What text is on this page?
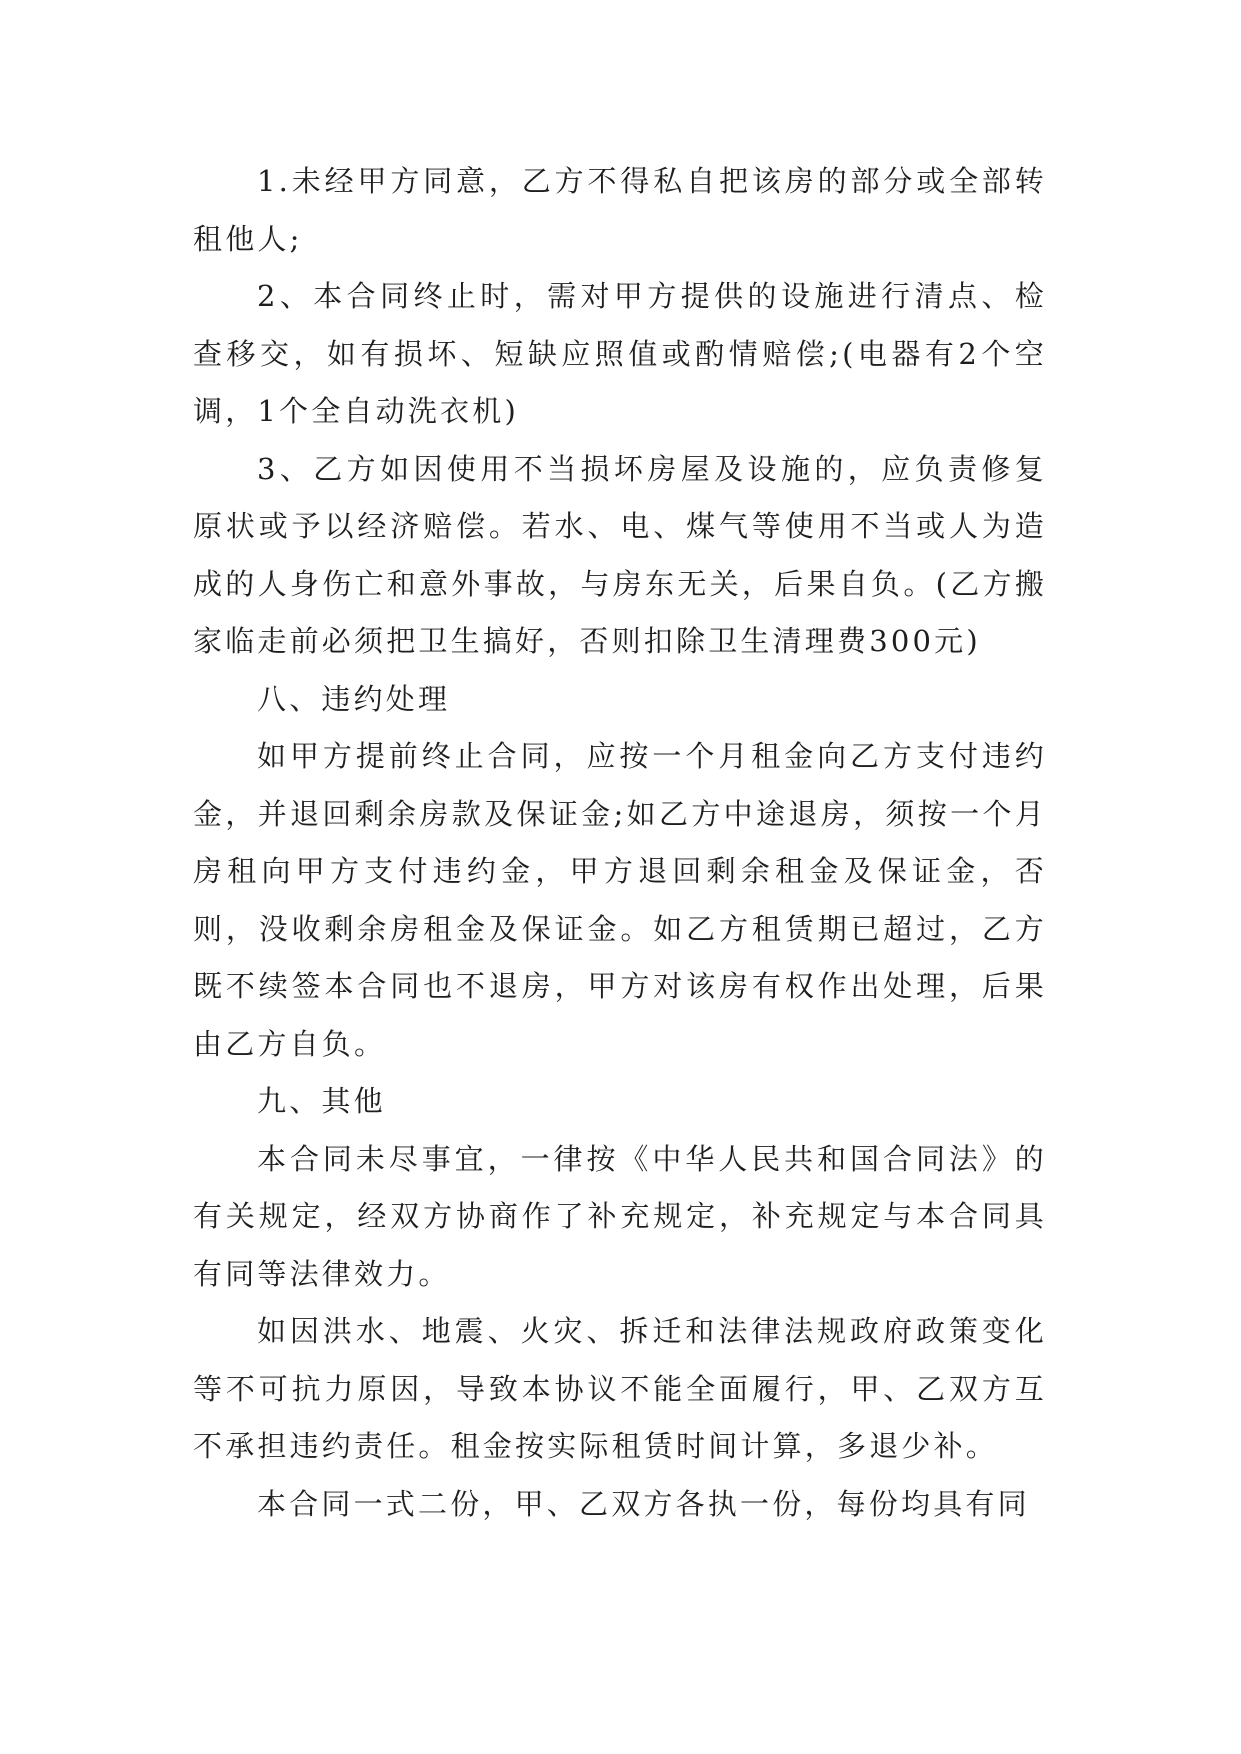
1.未经甲方同意，乙方不得私自把该房的部分或全部转租他人;

2、本合同终止时，需对甲方提供的设施进行清点、检查移交，如有损坏、短缺应照值或酌情赔偿;(电器有2个空调，1个全自动洗衣机)

3、乙方如因使用不当损坏房屋及设施的，应负责修复原状或予以经济赔偿。若水、电、煤气等使用不当或人为造成的人身伤亡和意外事故，与房东无关，后果自负。(乙方搬家临走前必须把卫生搞好，否则扣除卫生清理费300元)

八、违约处理

如甲方提前终止合同，应按一个月租金向乙方支付违约金，并退回剩余房款及保证金;如乙方中途退房，须按一个月房租向甲方支付违约金，甲方退回剩余租金及保证金，否则，没收剩余房租金及保证金。如乙方租赁期已超过，乙方既不续签本合同也不退房，甲方对该房有权作出处理，后果由乙方自负。

九、其他

本合同未尽事宜，一律按《中华人民共和国合同法》的有关规定，经双方协商作了补充规定，补充规定与本合同具有同等法律效力。

如因洪水、地震、火灾、拆迁和法律法规政府政策变化等不可抗力原因，导致本协议不能全面履行，甲、乙双方互不承担违约责任。租金按实际租赁时间计算，多退少补。

本合同一式二份，甲、乙双方各执一份，每份均具有同
